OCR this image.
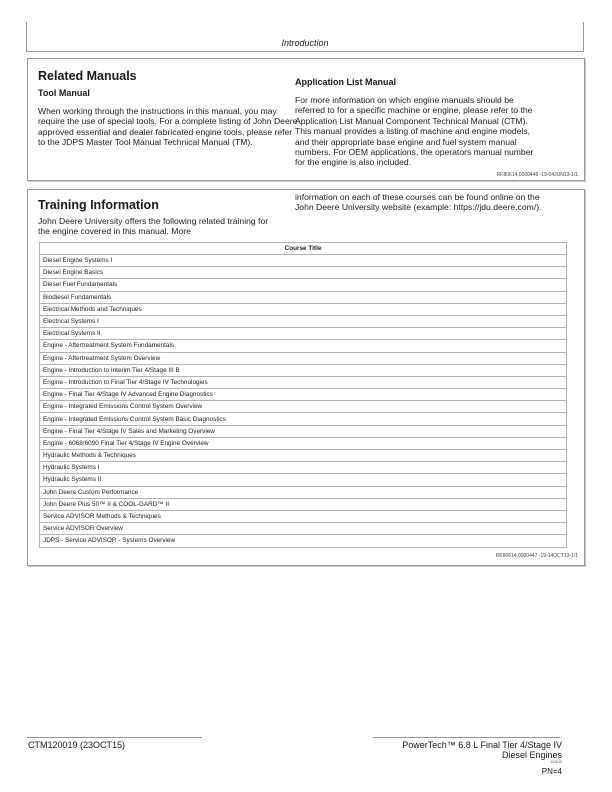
Introduction
Related Manuals
Tool Manual
When working through the instructions in this manual, you may require the use of special tools. For a complete listing of John Deere approved essential and dealer fabricated engine tools, please refer to the JDPS Master Tool Manual Technical Manual (TM).
Application List Manual
For more information on which engine manuals should be referred to for a specific machine or engine, please refer to the Application List Manual Component Technical Manual (CTM). This manual provides a listing of machine and engine models, and their appropriate base engine and fuel system manual numbers. For OEM applications, the operators manual number for the engine is also included.
RK80614,0000446 -19-04JUN13-1/1
Training Information
John Deere University offers the following related training for the engine covered in this manual. More
information on each of these courses can be found online on the John Deere University website (example: https://jdu.deere.com/).
Course Title
Diesel Engine Systems I
Diesel Engine Basics
Diesel Fuel Fundamentals
Biodiesel Fundamentals
Electrical Methods and Techniques
Electrical Systems I
Electrical Systems II
Engine - Aftertreatment System Fundamentals
Engine - Aftertreatment System Overview
Engine - Introduction to Interim Tier 4/Stage III B
Engine - Introduction to Final Tier 4/Stage IV Technologies
Engine - Final Tier 4/Stage IV Advanced Engine Diagnostics
Engine - Integrated Emissions Control System Overview
Engine - Integrated Emissions Control System Basic Diagnostics
Engine - Final Tier 4/Stage IV Sales and Marketing Overview
Engine - 6068/6090 Final Tier 4/Stage IV Engine Overview
Hydraulic Methods & Techniques
Hydraulic Systems I
Hydraulic Systems II
John Deere Custom Performance
John Deere Plus 50™ II & COOL-GARD™ II
Service ADVISOR Methods & Techniques
Service ADVISOR Overview
JDPS - Service ADVISOR - Systems Overview
RK80614,0000447 -19-14OCT13-1/1
CTM120019 (23OCT15)	PowerTech™ 6.8 L Final Tier 4/Stage IV
Diesel Engines
102615
PN=4
